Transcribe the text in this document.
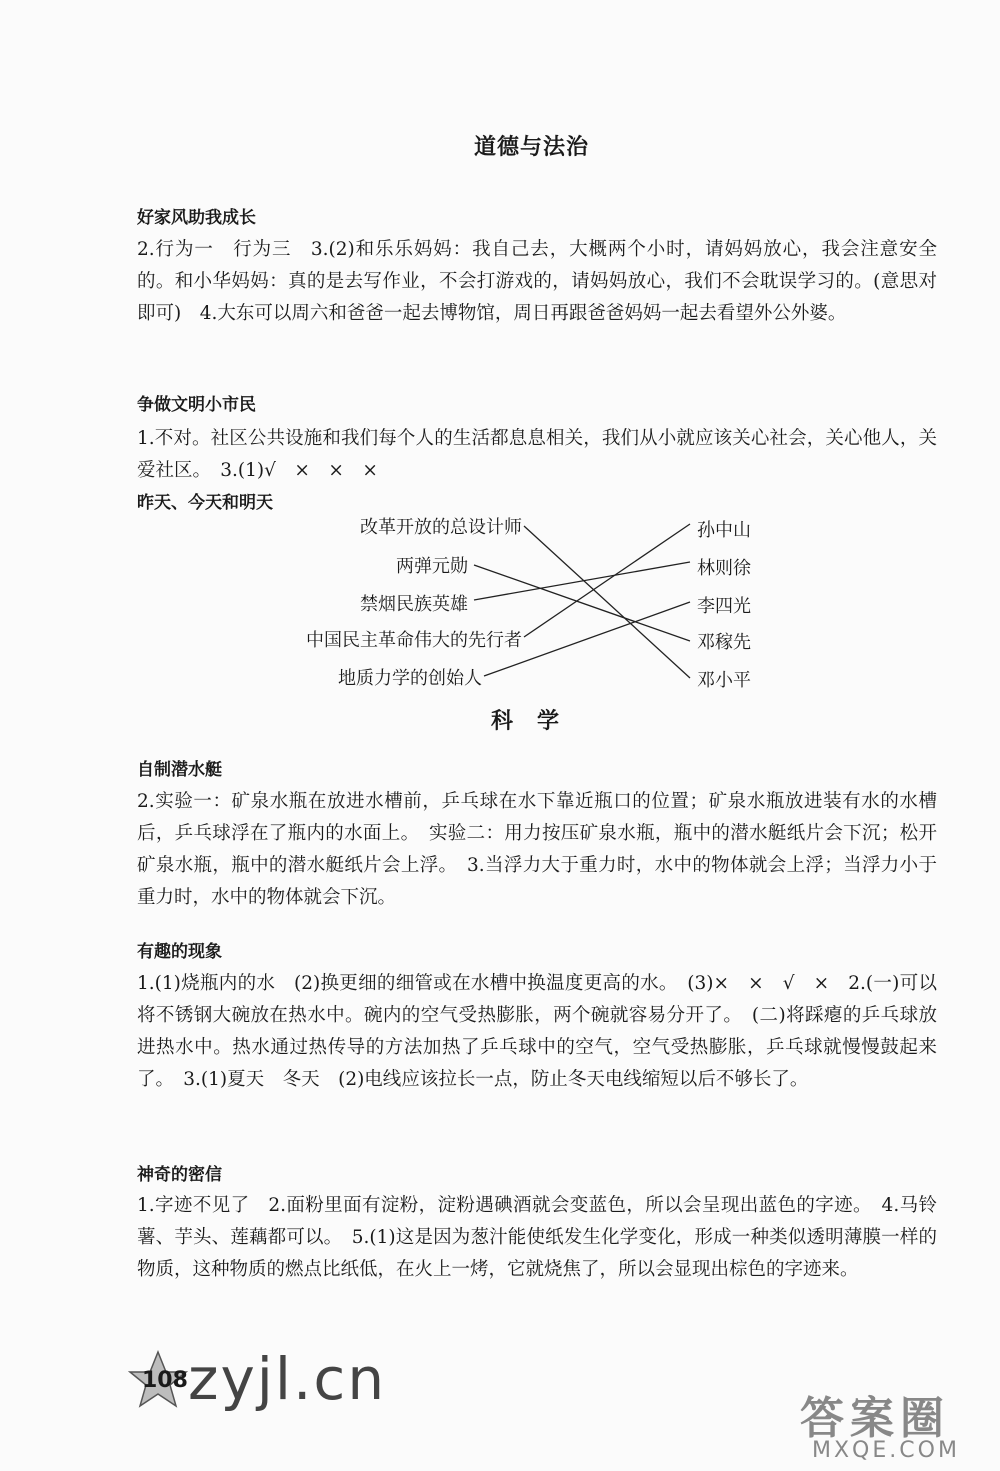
道德与法治
好家风助我成长
2.行为一　行为三　3.(2)和乐乐妈妈：我自己去，大概两个小时，请妈妈放心，我会注意安全的。和小华妈妈：真的是去写作业，不会打游戏的，请妈妈放心，我们不会耽误学习的。(意思对即可)　4.大东可以周六和爸爸一起去博物馆，周日再跟爸爸妈妈一起去看望外公外婆。
争做文明小市民
1.不对。社区公共设施和我们每个人的生活都息息相关，我们从小就应该关心社会，关心他人，关爱社区。　3.(1)√　×　×　×
昨天、今天和明天
改革开放的总设计师
两弹元勋
禁烟民族英雄
中国民主革命伟大的先行者
地质力学的创始人
孙中山
林则徐
李四光
邓稼先
邓小平
科　学
自制潜水艇
2.实验一：矿泉水瓶在放进水槽前，乒乓球在水下靠近瓶口的位置；矿泉水瓶放进装有水的水槽后，乒乓球浮在了瓶内的水面上。　实验二：用力按压矿泉水瓶，瓶中的潜水艇纸片会下沉；松开矿泉水瓶，瓶中的潜水艇纸片会上浮。　3.当浮力大于重力时，水中的物体就会上浮；当浮力小于重力时，水中的物体就会下沉。
有趣的现象
1.(1)烧瓶内的水　(2)换更细的细管或在水槽中换温度更高的水。　(3)×　×　√　×　2.(一)可以将不锈钢大碗放在热水中。碗内的空气受热膨胀，两个碗就容易分开了。　(二)将踩瘪的乒乓球放进热水中。热水通过热传导的方法加热了乒乓球中的空气，空气受热膨胀，乒乓球就慢慢鼓起来了。　3.(1)夏天　冬天　(2)电线应该拉长一点，防止冬天电线缩短以后不够长了。
神奇的密信
1.字迹不见了　2.面粉里面有淀粉，淀粉遇碘酒就会变蓝色，所以会呈现出蓝色的字迹。　4.马铃薯、芋头、莲藕都可以。　5.(1)这是因为葱汁能使纸发生化学变化，形成一种类似透明薄膜一样的物质，这种物质的燃点比纸低，在火上一烤，它就烧焦了，所以会显现出棕色的字迹来。
108 zyjl.cn
答案圈
MXQE.COM
